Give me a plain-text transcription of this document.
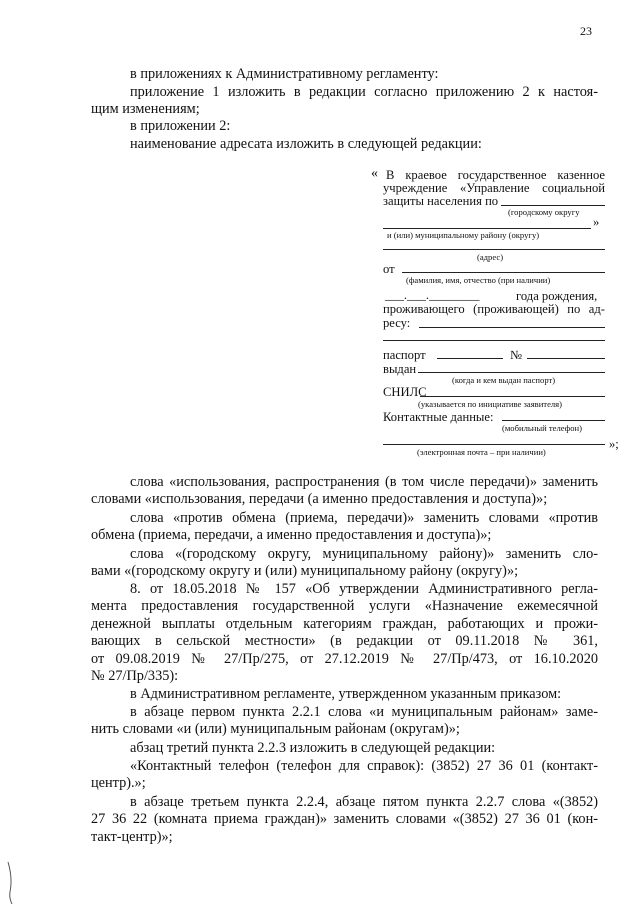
23
в приложениях к Административному регламенту:
приложение 1 изложить в редакции согласно приложению 2 к настоя-
щим изменениям;
в приложении 2:
наименование адресата изложить в следующей редакции:
« В краевое государственное казенное
учреждение «Управление социальной
защиты населения по
(городскому округу
»
и (или) муниципальному району (округу)
(адрес)
от
(фамилия, имя, отчество (при наличии)
___.___.________	года рождения,
проживающего (проживающей) по ад-
ресу:
паспорт	№
выдан
(когда и кем выдан паспорт)
СНИЛС
(указывается по инициативе заявителя)
Контактные данные:
(мобильный телефон)
(электронная почта – при наличии)
»;
слова «использования, распространения (в том числе передачи)» заменить
словами «использования, передачи (а именно предоставления и доступа)»;
слова «против обмена (приема, передачи)» заменить словами «против
обмена (приема, передачи, а именно предоставления и доступа)»;
слова «(городскому округу, муниципальному району)» заменить сло-
вами «(городскому округу и (или) муниципальному району (округу)»;
8. от 18.05.2018 № 157 «Об утверждении Административного регла-
мента предоставления государственной услуги «Назначение ежемесячной
денежной выплаты отдельным категориям граждан, работающих и прожи-
вающих в сельской местности» (в редакции от 09.11.2018 № 361,
от 09.08.2019 № 27/Пр/275, от 27.12.2019 № 27/Пр/473, от 16.10.2020
№ 27/Пр/335):
в Административном регламенте, утвержденном указанным приказом:
в абзаце первом пункта 2.2.1 слова «и муниципальным районам» заме-
нить словами «и (или) муниципальным районам (округам)»;
абзац третий пункта 2.2.3 изложить в следующей редакции:
«Контактный телефон (телефон для справок): (3852) 27 36 01 (контакт-
центр).»;
в абзаце третьем пункта 2.2.4, абзаце пятом пункта 2.2.7 слова «(3852)
27 36 22 (комната приема граждан)» заменить словами «(3852) 27 36 01 (кон-
такт-центр)»;
